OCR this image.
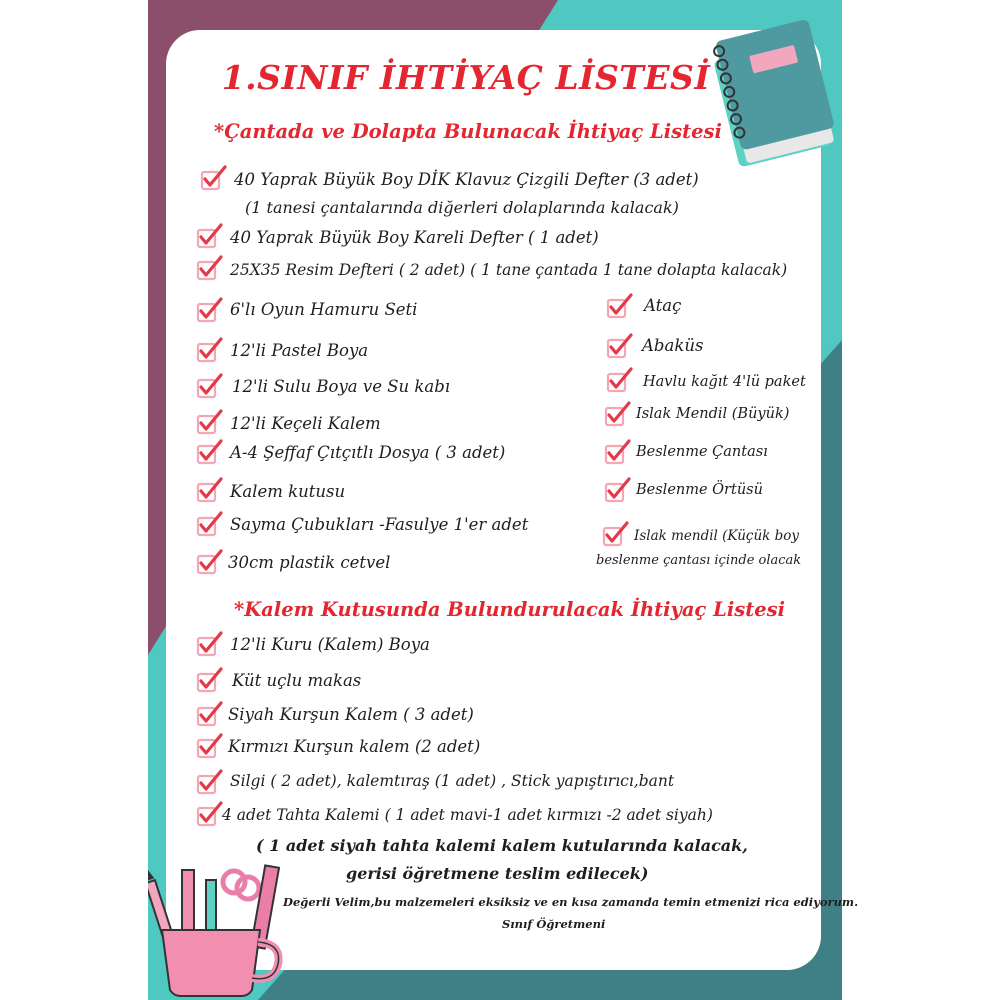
1.SINIF İHTİYAÇ LİSTESİ
*Çantada ve Dolapta Bulunacak İhtiyaç Listesi
40 Yaprak Büyük Boy DİK Klavuz Çizgili Defter (3 adet)
(1 tanesi çantalarında diğerleri dolaplarında kalacak)
40 Yaprak Büyük Boy Kareli Defter ( 1 adet)
25X35 Resim Defteri ( 2 adet) ( 1 tane çantada 1 tane dolapta kalacak)
6'lı Oyun Hamuru Seti
12'li Pastel Boya
12'li Sulu Boya ve Su kabı
12'li Keçeli Kalem
A-4 Şeffaf Çıtçıtlı Dosya ( 3 adet)
Kalem kutusu
Sayma Çubukları -Fasulye 1'er adet
30cm plastik cetvel
Ataç
Abaküs
Havlu kağıt 4'lü paket
Islak Mendil (Büyük)
Beslenme Çantası
Beslenme Örtüsü
Islak mendil (Küçük boy
beslenme çantası içinde olacak
*Kalem Kutusunda Bulundurulacak İhtiyaç Listesi
12'li Kuru (Kalem) Boya
Küt uçlu makas
Siyah Kurşun Kalem ( 3 adet)
Kırmızı Kurşun kalem (2 adet)
Silgi ( 2 adet), kalemtıraş (1 adet) , Stick yapıştırıcı,bant
4 adet Tahta Kalemi ( 1 adet mavi-1 adet kırmızı -2 adet siyah)
( 1 adet siyah tahta kalemi kalem kutularında kalacak,
gerisi öğretmene teslim edilecek)
Değerli Velim,bu malzemeleri eksiksiz ve en kısa zamanda temin etmenizi rica ediyorum.
Sınıf Öğretmeni
